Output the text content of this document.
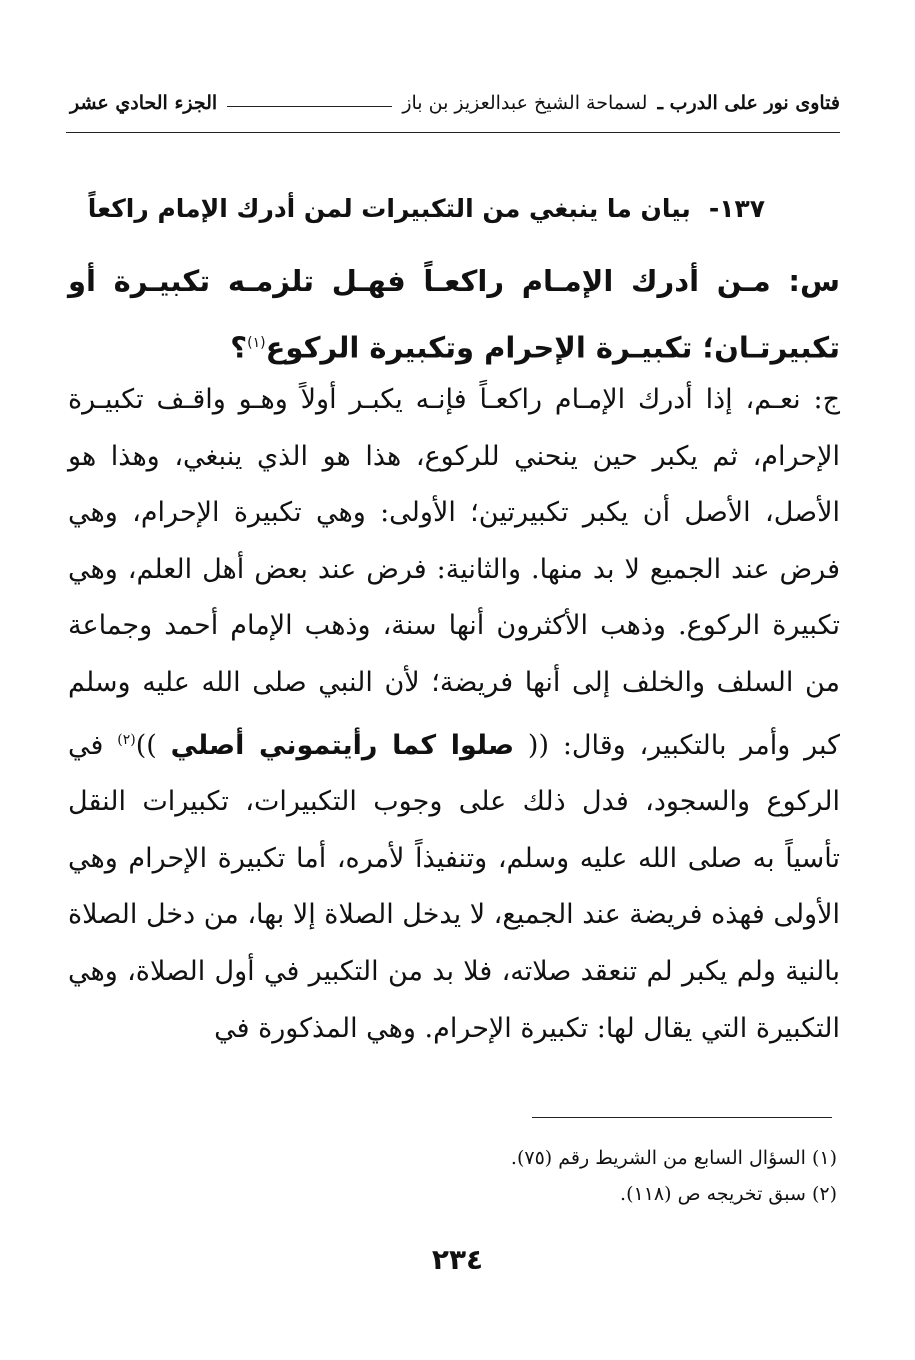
فتاوى نور على الدرب ـ
لسماحة الشيخ عبدالعزيز بن باز
الجزء الحادي عشر
١٣٧-بيان ما ينبغي من التكبيرات لمن أدرك الإمام راكعاً
س: مـن أدرك الإمـام راكعـاً فهـل تلزمـه تكبيـرة أو تكبيرتـان؛ تكبيـرة الإحرام وتكبيرة الركوع$^{(١)}$؟
ج: نعـم، إذا أدرك الإمـام راكعـاً فإنـه يكبـر أولاً وهـو واقـف تكبيـرة الإحرام، ثم يكبر حين ينحني للركوع، هذا هو الذي ينبغي، وهذا هو الأصل، الأصل أن يكبر تكبيرتين؛ الأولى: وهي تكبيرة الإحرام، وهي فرض عند الجميع لا بد منها. والثانية: فرض عند بعض أهل العلم، وهي تكبيرة الركوع. وذهب الأكثرون أنها سنة، وذهب الإمام أحمد وجماعة من السلف والخلف إلى أنها فريضة؛ لأن النبي صلى الله عليه وسلم كبر وأمر بالتكبير، وقال: (( صلوا كما رأيتموني أصلي ))$^{(٢)}$ في الركوع والسجود، فدل ذلك على وجوب التكبيرات، تكبيرات النقل تأسياً به صلى الله عليه وسلم، وتنفيذاً لأمره، أما تكبيرة الإحرام وهي الأولى فهذه فريضة عند الجميع، لا يدخل الصلاة إلا بها، من دخل الصلاة بالنية ولم يكبر لم تنعقد صلاته، فلا بد من التكبير في أول الصلاة، وهي التكبيرة التي يقال لها: تكبيرة الإحرام. وهي المذكورة في
(١) السؤال السابع من الشريط رقم (٧٥).
(٢) سبق تخريجه ص (١١٨).
٢٣٤
